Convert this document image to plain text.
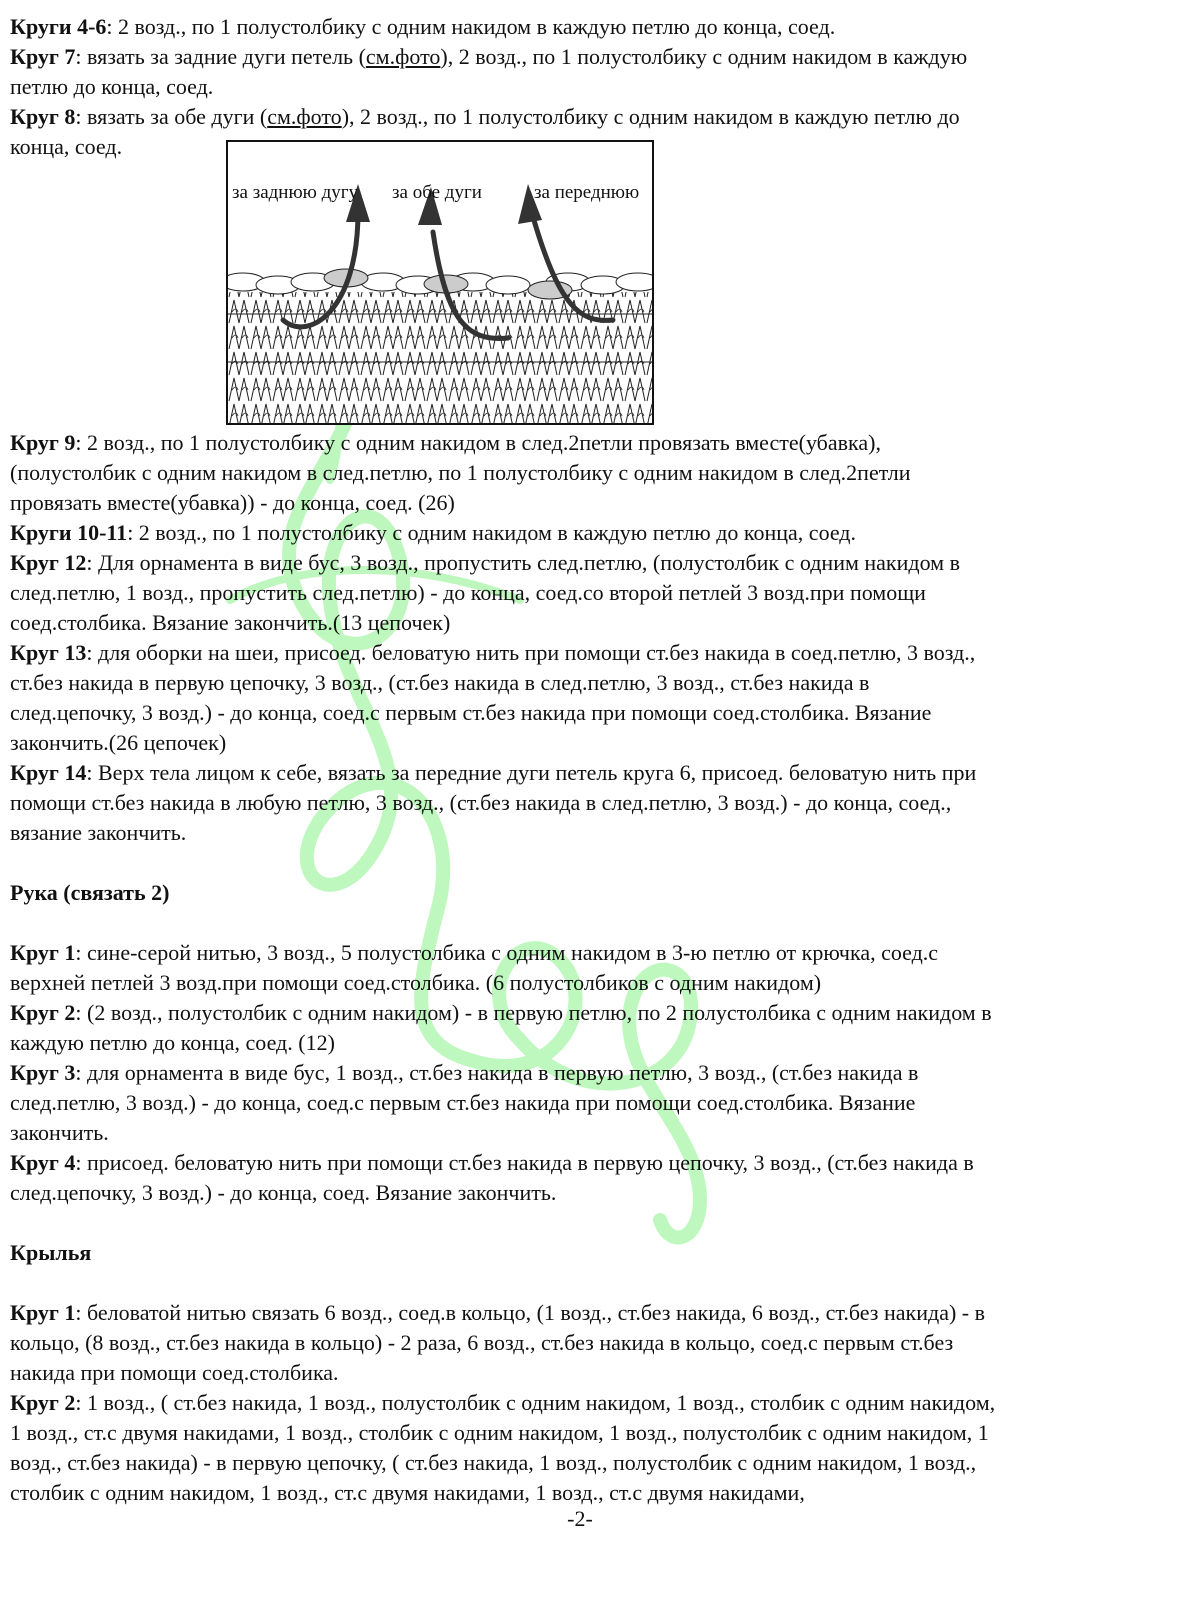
Круги 4-6: 2 возд., по 1 полустолбику с одним накидом в каждую петлю до конца, соед.
Круг 7: вязать за задние дуги петель (см.фото), 2 возд., по 1 полустолбику с одним накидом в каждую
петлю до конца, соед.
Круг 8: вязать за обе дуги (см.фото), 2 возд., по 1 полустолбику с одним накидом в каждую петлю до
конца, соед.
Круг 9: 2 возд., по 1 полустолбику с одним накидом в след.2петли провязать вместе(убавка),
(полустолбик с одним накидом в след.петлю, по 1 полустолбику с одним накидом в след.2петли
провязать вместе(убавка)) - до конца, соед. (26)
Круги 10-11: 2 возд., по 1 полустолбику с одним накидом в каждую петлю до конца, соед.
Круг 12: Для орнамента в виде бус, 3 возд., пропустить след.петлю, (полустолбик с одним накидом в
след.петлю, 1 возд., пропустить след.петлю) - до конца, соед.со второй петлей 3 возд.при помощи
соед.столбика. Вязание закончить.(13 цепочек)
Круг 13: для оборки на шеи, присоед. беловатую нить при помощи ст.без накида в соед.петлю, 3 возд.,
ст.без накида в первую цепочку, 3 возд., (ст.без накида в след.петлю, 3 возд., ст.без накида в
след.цепочку, 3 возд.) - до конца, соед.с первым ст.без накида при помощи соед.столбика. Вязание
закончить.(26 цепочек)
Круг 14: Верх тела лицом к себе, вязать за передние дуги петель круга 6, присоед. беловатую нить при
помощи ст.без накида в любую петлю, 3 возд., (ст.без накида в след.петлю, 3 возд.) - до конца, соед.,
вязание закончить.
Рука (связать 2)
Круг 1: сине-серой нитью, 3 возд., 5 полустолбика с одним накидом в 3-ю петлю от крючка, соед.с
верхней петлей 3 возд.при помощи соед.столбика. (6 полустолбиков с одним накидом)
Круг 2: (2 возд., полустолбик с одним накидом) - в первую петлю, по 2 полустолбика с одним накидом в
каждую петлю до конца, соед. (12)
Круг 3: для орнамента в виде бус, 1 возд., ст.без накида в первую петлю, 3 возд., (ст.без накида в
след.петлю, 3 возд.) - до конца, соед.с первым ст.без накида при помощи соед.столбика. Вязание
закончить.
Круг 4: присоед. беловатую нить при помощи ст.без накида в первую цепочку, 3 возд., (ст.без накида в
след.цепочку, 3 возд.) - до конца, соед. Вязание закончить.
Крылья
Круг 1: беловатой нитью связать 6 возд., соед.в кольцо, (1 возд., ст.без накида, 6 возд., ст.без накида) - в
кольцо, (8 возд., ст.без накида в кольцо) - 2 раза, 6 возд., ст.без накида в кольцо, соед.с первым ст.без
накида при помощи соед.столбика.
Круг 2: 1 возд., ( ст.без накида, 1 возд., полустолбик с одним накидом, 1 возд., столбик с одним накидом,
1 возд., ст.с двумя накидами, 1 возд., столбик с одним накидом, 1 возд., полустолбик с одним накидом, 1
возд., ст.без накида) - в первую цепочку, ( ст.без накида, 1 возд., полустолбик с одним накидом, 1 возд.,
столбик с одним накидом, 1 возд., ст.с двумя накидами, 1 возд., ст.с двумя накидами,
за заднюю дугу за обе дуги	за переднюю
-2-
